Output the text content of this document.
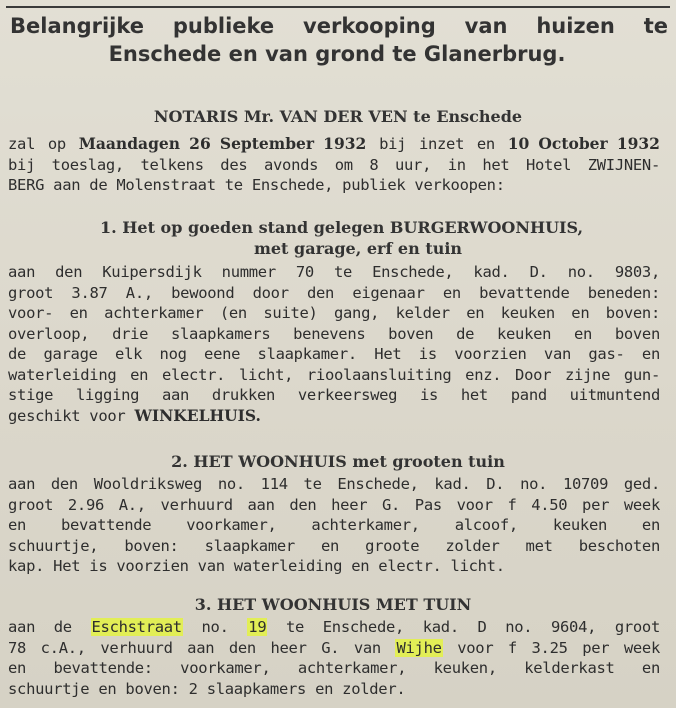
Belangrijke publieke verkooping van huizen te
Enschede en van grond te Glanerbrug.
NOTARIS Mr. VAN DER VEN te Enschede
zal op Maandagen 26 September 1932 bij inzet en 10 October 1932
bij toeslag, telkens des avonds om 8 uur, in het Hotel ZWIJNEN-
BERG aan de Molenstraat te Enschede, publiek verkoopen:
1. Het op goeden stand gelegen BURGERWOONHUIS,
met garage, erf en tuin
aan den Kuipersdijk nummer 70 te Enschede, kad. D. no. 9803,
groot 3.87 A., bewoond door den eigenaar en bevattende beneden:
voor- en achterkamer (en suite) gang, kelder en keuken en boven:
overloop, drie slaapkamers benevens boven de keuken en boven
de garage elk nog eene slaapkamer. Het is voorzien van gas- en
waterleiding en electr. licht, rioolaansluiting enz. Door zijne gun-
stige ligging aan drukken verkeersweg is het pand uitmuntend
geschikt voor WINKELHUIS.
2. HET WOONHUIS met grooten tuin
aan den Wooldriksweg no. 114 te Enschede, kad. D. no. 10709 ged.
groot 2.96 A., verhuurd aan den heer G. Pas voor f 4.50 per week
en bevattende voorkamer, achterkamer, alcoof, keuken en
schuurtje, boven: slaapkamer en groote zolder met beschoten
kap. Het is voorzien van waterleiding en electr. licht.
3. HET WOONHUIS MET TUIN
aan de Eschstraat no. 19 te Enschede, kad. D no. 9604, groot
78 c.A., verhuurd aan den heer G. van Wijhe voor f 3.25 per week
en bevattende: voorkamer, achterkamer, keuken, kelderkast en
schuurtje en boven: 2 slaapkamers en zolder.
